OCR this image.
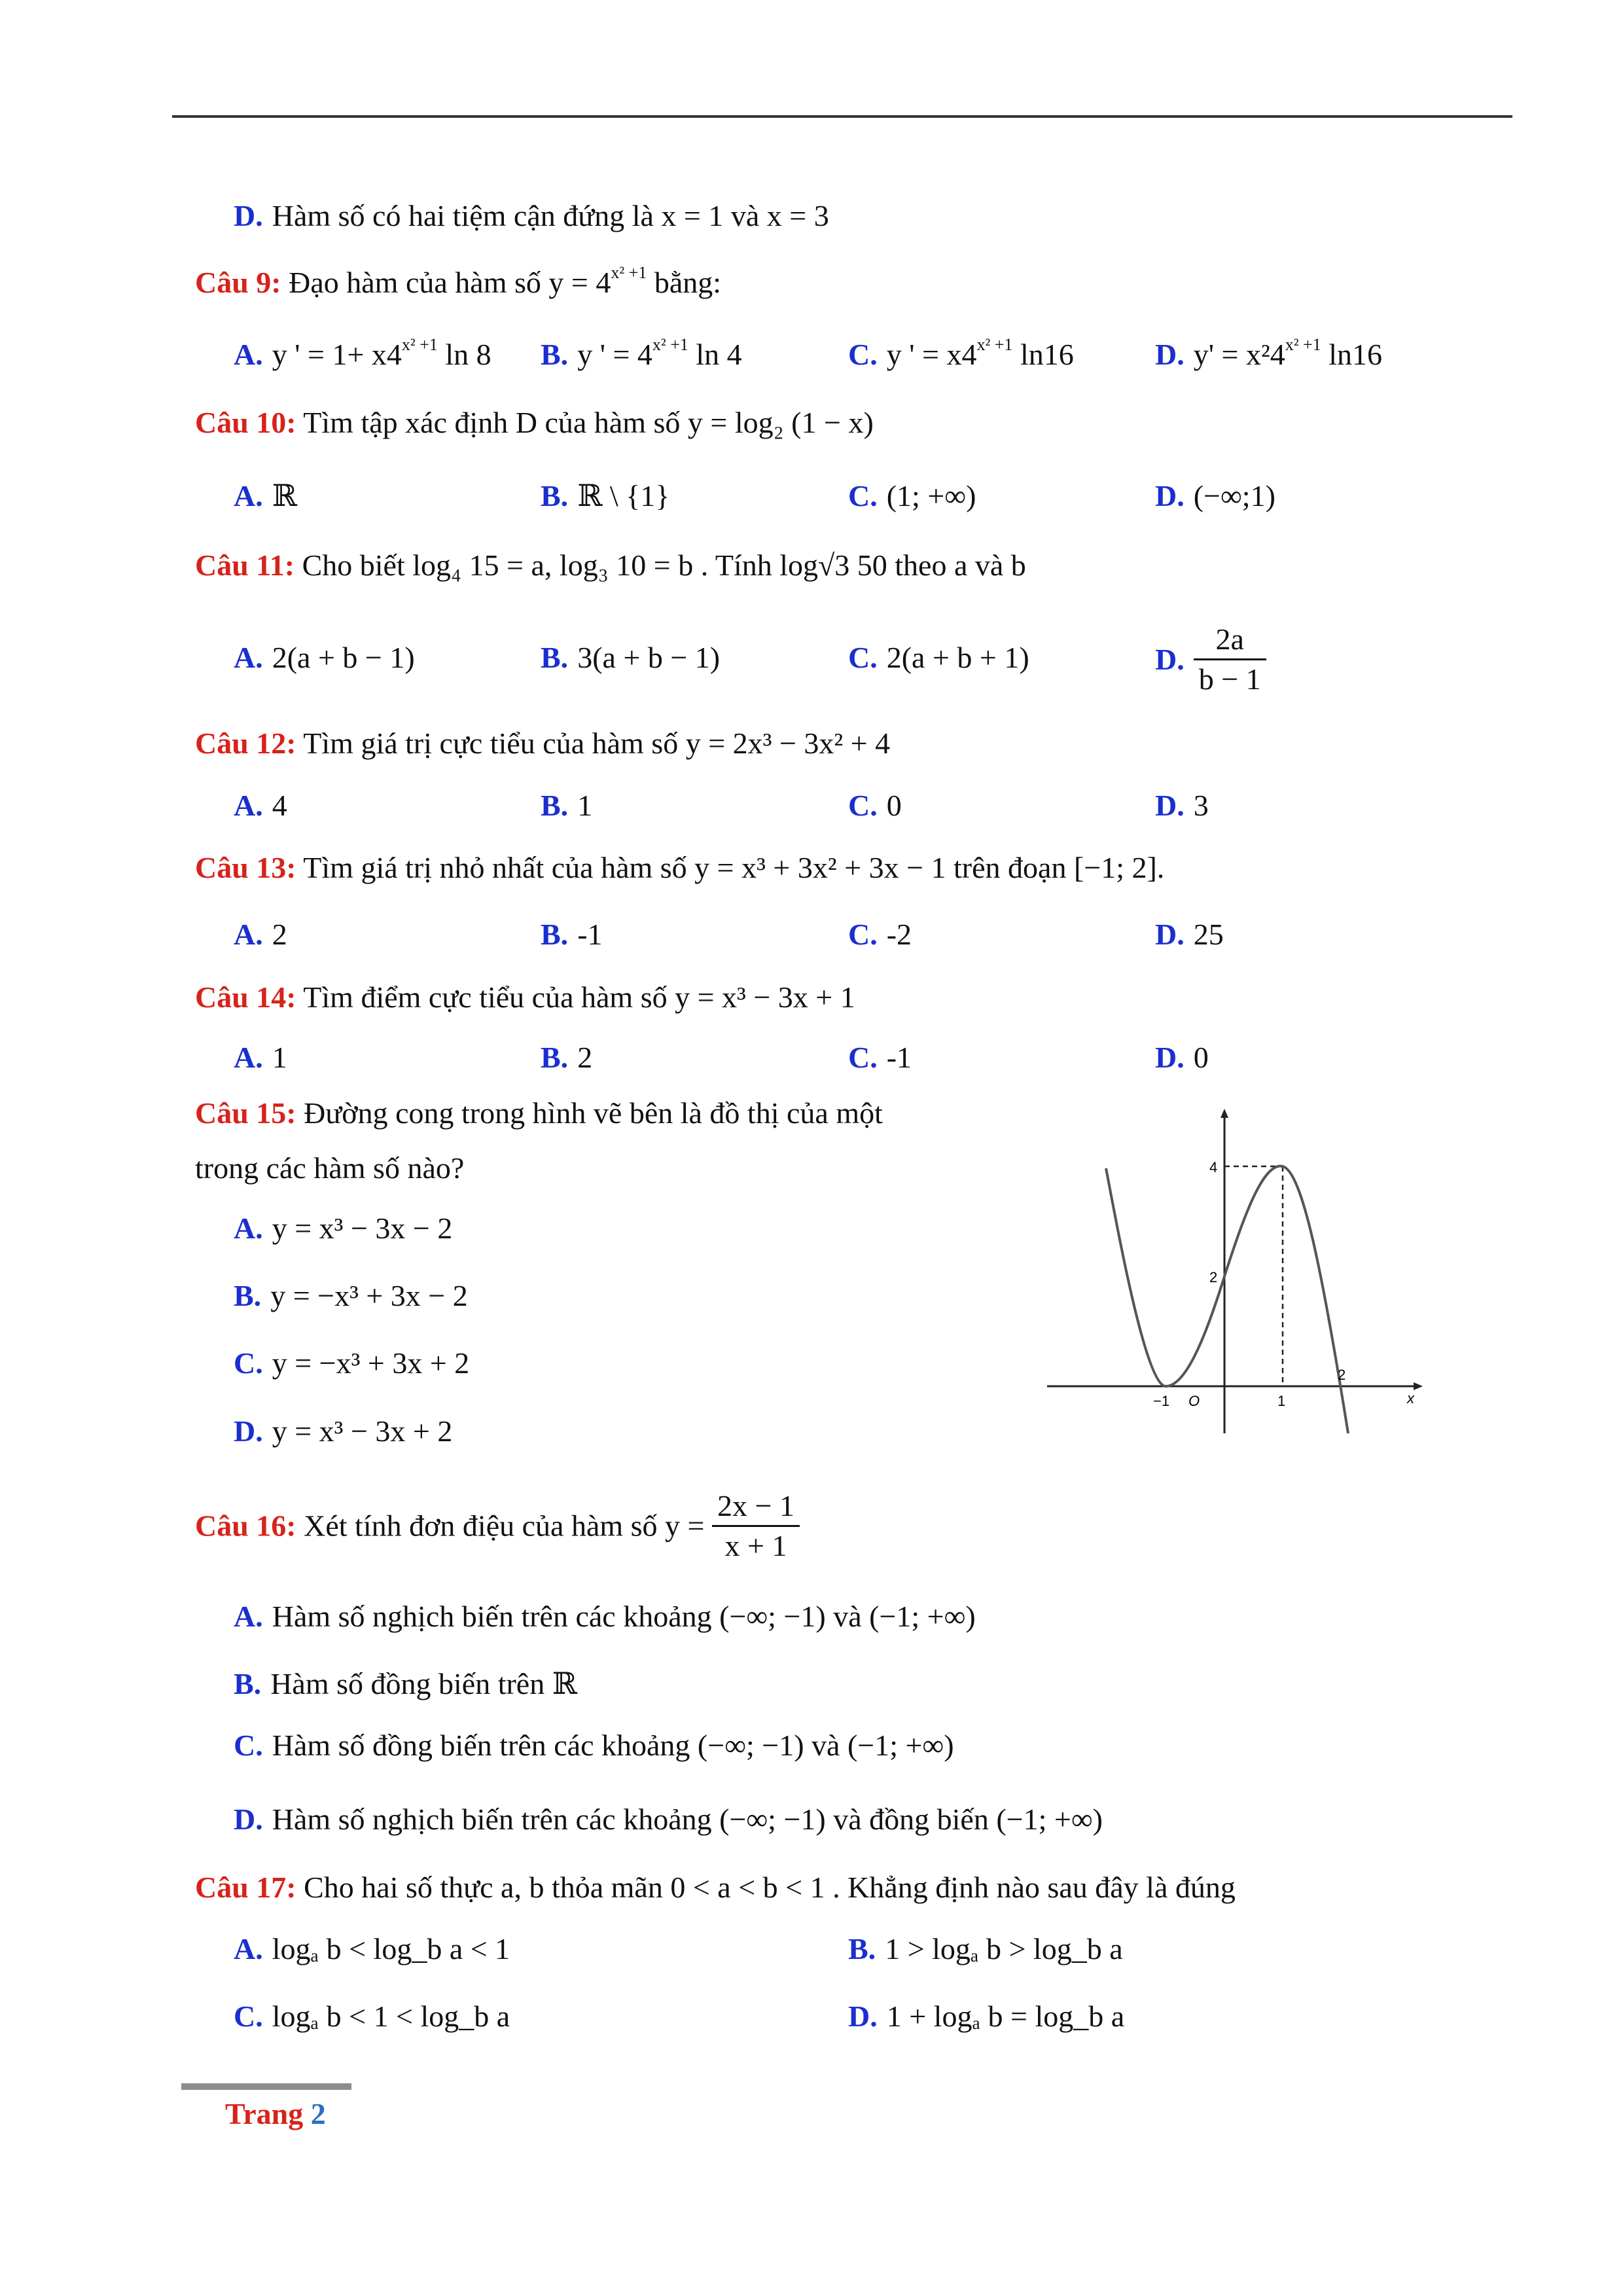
D. Hàm số có hai tiệm cận đứng là x = 1 và x = 3
Câu 9: Đạo hàm của hàm số $y = 4^{x^2 +1}$ bằng:
A. y ' = $1+ x4^{x^2 +1}$ ln 8 B. y ' = $4^{x^2 +1}$ ln 4	C. y ' = $x4^{x^2 +1}$ ln16	D. $y' = x^24^{x^2 +1}$ ln16
Câu 10: Tìm tập xác định D của hàm số y = log₂ (1 − x)
A. ℝ	B. ℝ \ {1}	C. (1; +∞)	D. (−∞;1)
Câu 11: Cho biết log₄ 15 = a, log₃ 10 = b . Tính log√3 50 theo a và b
A. 2(a + b − 1)	B. 3(a + b − 1)	C. 2(a + b + 1)	D. $\frac{2a}{b - 1}$
Câu 12: Tìm giá trị cực tiểu của hàm số y = 2x³ − 3x² + 4
A. 4	B. 1	C. 0	D. 3
Câu 13: Tìm giá trị nhỏ nhất của hàm số y = x³ + 3x² + 3x − 1 trên đoạn [−1; 2].
A. 2	B. -1	C. -2	D. 25
Câu 14: Tìm điểm cực tiểu của hàm số y = x³ − 3x + 1
A. 1	B. 2	C. -1	D. 0
Câu 15: Đường cong trong hình vẽ bên là đồ thị của một
trong các hàm số nào?
A. y = x³ − 3x − 2
B. y = −x³ + 3x − 2
C. y = −x³ + 3x + 2
D. y = x³ − 3x + 2
4
2
−1 O	1
2
x
Câu 16: Xét tính đơn điệu của hàm số $y = \frac{2x - 1}{x + 1}$
A. Hàm số nghịch biến trên các khoảng (−∞; −1) và (−1; +∞)
B. Hàm số đồng biến trên ℝ
C. Hàm số đồng biến trên các khoảng (−∞; −1) và (−1; +∞)
D. Hàm số nghịch biến trên các khoảng (−∞; −1) và đồng biến (−1; +∞)
Câu 17: Cho hai số thực a, b thỏa mãn 0 < a < b < 1 . Khẳng định nào sau đây là đúng
A. logₐ b < log_b a < 1	B. 1 > logₐ b > log_b a
C. logₐ b < 1 < log_b a	D. 1 + logₐ b = log_b a
Trang 2
